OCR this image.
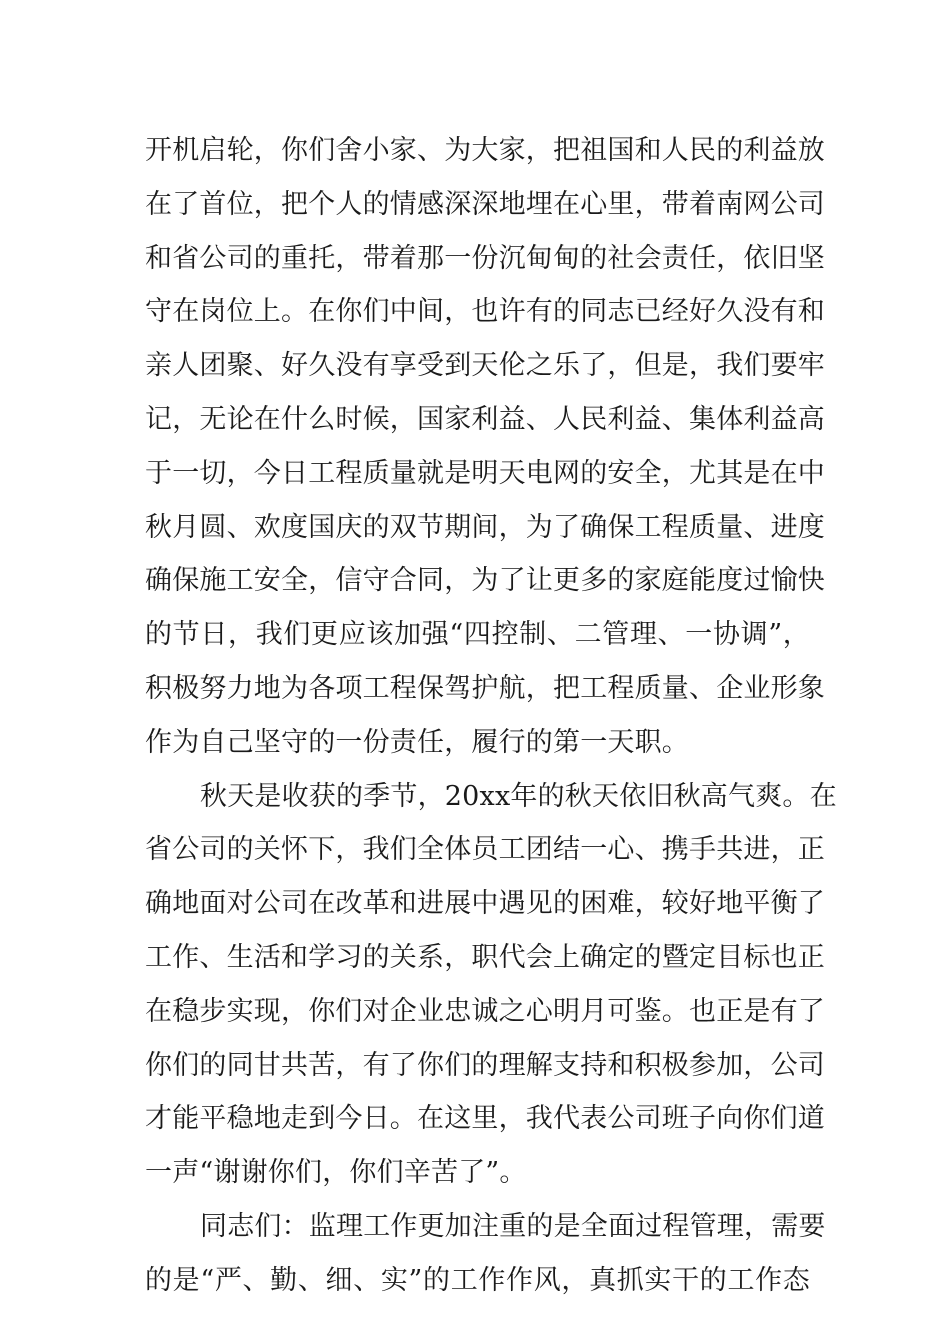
开机启轮，你们舍小家、为大家，把祖国和人民的利益放
在了首位，把个人的情感深深地埋在心里，带着南网公司
和省公司的重托，带着那一份沉甸甸的社会责任，依旧坚
守在岗位上。在你们中间，也许有的同志已经好久没有和
亲人团聚、好久没有享受到天伦之乐了，但是，我们要牢
记，无论在什么时候，国家利益、人民利益、集体利益高
于一切，今日工程质量就是明天电网的安全，尤其是在中
秋月圆、欢度国庆的双节期间，为了确保工程质量、进度
确保施工安全，信守合同，为了让更多的家庭能度过愉快
的节日，我们更应该加强“四控制、二管理、一协调”，
积极努力地为各项工程保驾护航，把工程质量、企业形象
作为自己坚守的一份责任，履行的第一天职。
秋天是收获的季节，20xx年的秋天依旧秋高气爽。在
省公司的关怀下，我们全体员工团结一心、携手共进，正
确地面对公司在改革和进展中遇见的困难，较好地平衡了
工作、生活和学习的关系，职代会上确定的暨定目标也正
在稳步实现，你们对企业忠诚之心明月可鉴。也正是有了
你们的同甘共苦，有了你们的理解支持和积极参加，公司
才能平稳地走到今日。在这里，我代表公司班子向你们道
一声“谢谢你们，你们辛苦了”。
同志们：监理工作更加注重的是全面过程管理，需要
的是“严、勤、细、实”的工作作风，真抓实干的工作态
